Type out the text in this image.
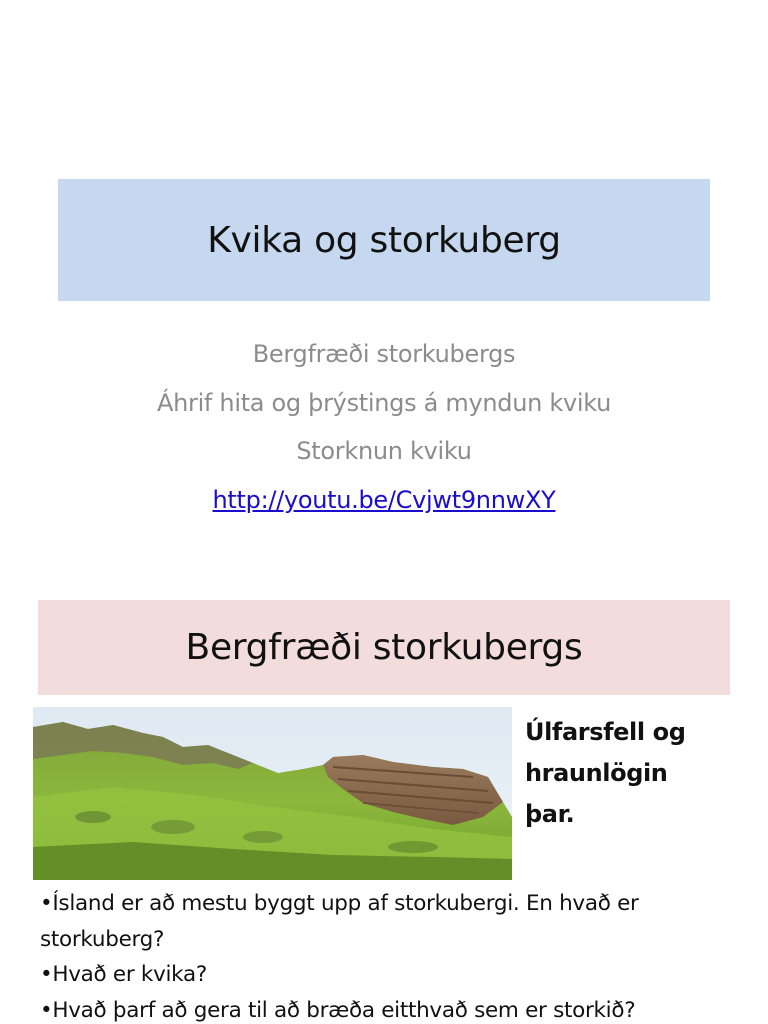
Kvika og storkuberg
Bergfræði storkubergs
Áhrif hita og þrýstings á myndun kviku
Storknun kviku
http://youtu.be/Cvjwt9nnwXY
Bergfræði storkubergs
Úlfarsfell og
hraunlögin
þar.
•Ísland er að mestu byggt upp af storkubergi. En hvað er storkuberg?
•Hvað er kvika?
•Hvað þarf að gera til að bræða eitthvað sem er storkið?
